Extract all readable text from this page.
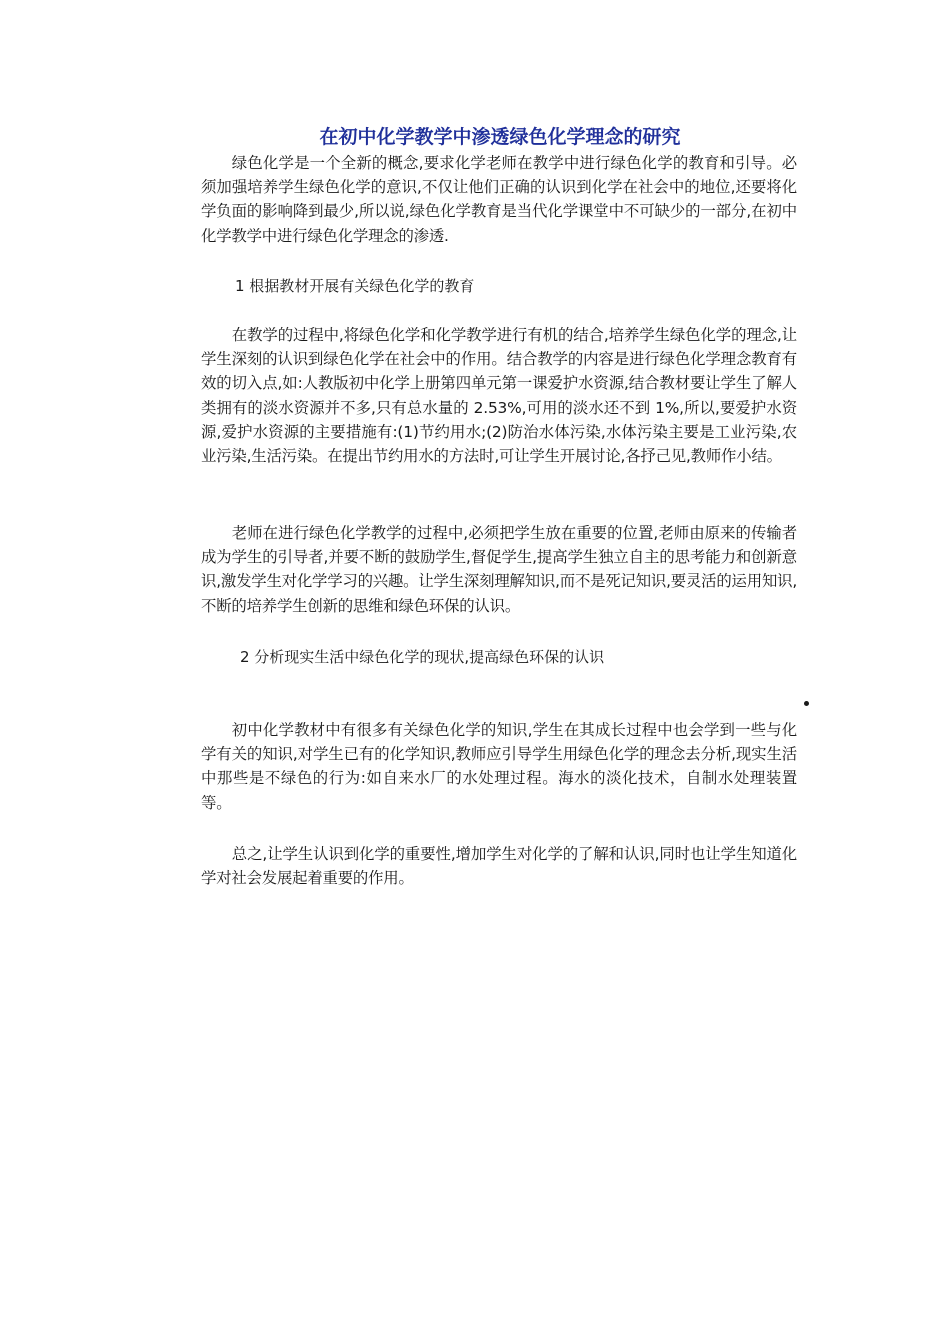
在初中化学教学中渗透绿色化学理念的研究

绿色化学是一个全新的概念,要求化学老师在教学中进行绿色化学的教育和引导。必须加强培养学生绿色化学的意识,不仅让他们正确的认识到化学在社会中的地位,还要将化学负面的影响降到最少,所以说,绿色化学教育是当代化学课堂中不可缺少的一部分,在初中化学教学中进行绿色化学理念的渗透.

1 根据教材开展有关绿色化学的教育

在教学的过程中,将绿色化学和化学教学进行有机的结合,培养学生绿色化学的理念,让学生深刻的认识到绿色化学在社会中的作用。结合教学的内容是进行绿色化学理念教育有效的切入点,如:人教版初中化学上册第四单元第一课爱护水资源,结合教材要让学生了解人类拥有的淡水资源并不多,只有总水量的 2.53%,可用的淡水还不到 1%,所以,要爱护水资源,爱护水资源的主要措施有:(1)节约用水;(2)防治水体污染,水体污染主要是工业污染,农业污染,生活污染。在提出节约用水的方法时,可让学生开展讨论,各抒己见,教师作小结。

老师在进行绿色化学教学的过程中,必须把学生放在重要的位置,老师由原来的传输者成为学生的引导者,并要不断的鼓励学生,督促学生,提高学生独立自主的思考能力和创新意识,激发学生对化学学习的兴趣。让学生深刻理解知识,而不是死记知识,要灵活的运用知识,不断的培养学生创新的思维和绿色环保的认识。

2 分析现实生活中绿色化学的现状,提高绿色环保的认识

初中化学教材中有很多有关绿色化学的知识,学生在其成长过程中也会学到一些与化学有关的知识,对学生已有的化学知识,教师应引导学生用绿色化学的理念去分析,现实生活中那些是不绿色的行为:如自来水厂的水处理过程。海水的淡化技术，自制水处理装置等。

总之,让学生认识到化学的重要性,增加学生对化学的了解和认识,同时也让学生知道化学对社会发展起着重要的作用。
